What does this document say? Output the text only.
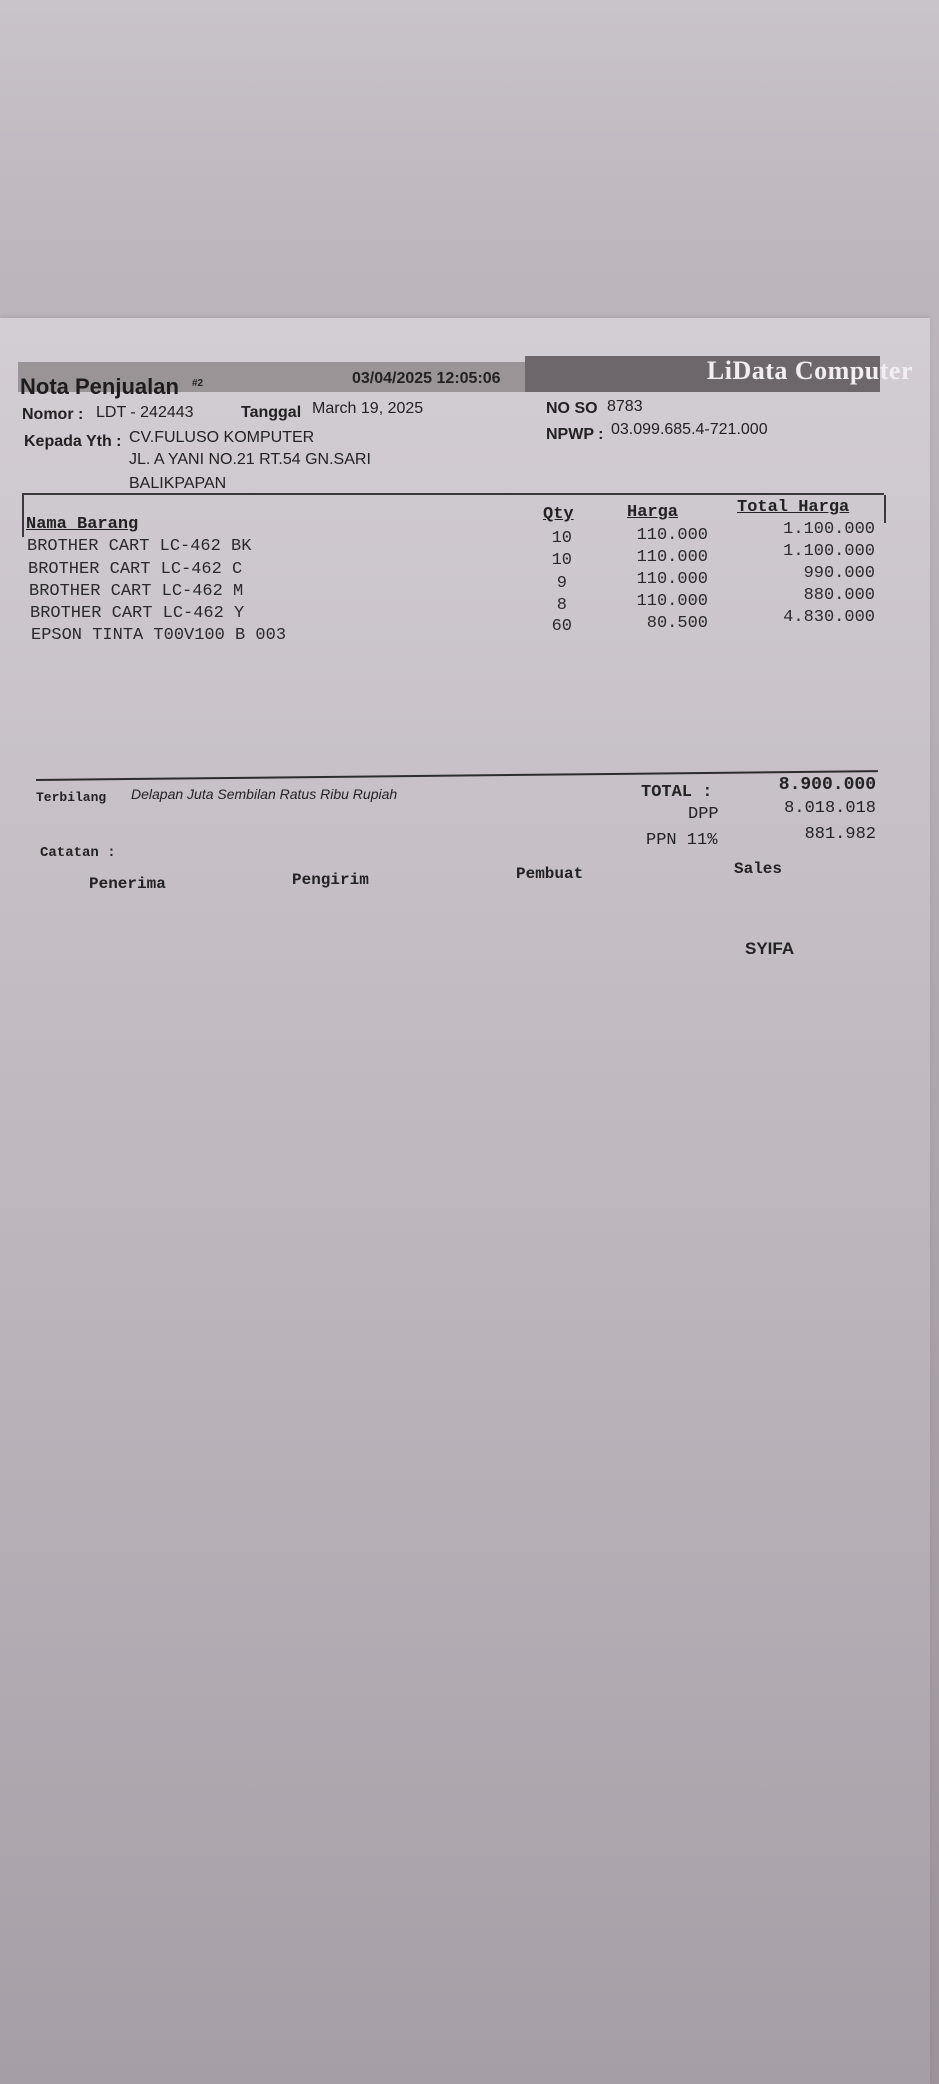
LiData Computer
Nota Penjualan #2	03/04/2025 12:05:06
Nomor : LDT - 242443	Tanggal March 19, 2025	NO SO 8783
Kepada Yth : CV.FULUSO KOMPUTER
JL. A YANI NO.21 RT.54 GN.SARI
BALIKPAPAN
NPWP : 03.099.685.4-721.000
Nama Barang
Qty	Harga	Total Harga
BROTHER CART LC-462 BK	10	110.000	1.100.000
BROTHER CART LC-462 C	10	110.000	1.100.000
BROTHER CART LC-462 M	9	110.000	990.000
BROTHER CART LC-462 Y	8	110.000	880.000
EPSON TINTA T00V100 B 003	60	80.500	4.830.000
Terbilang Delapan Juta Sembilan Ratus Ribu Rupiah	TOTAL :	8.900.000
DPP	8.018.018
PPN 11%	881.982
Catatan :
Penerima	Pengirim	Pembuat	Sales
SYIFA
